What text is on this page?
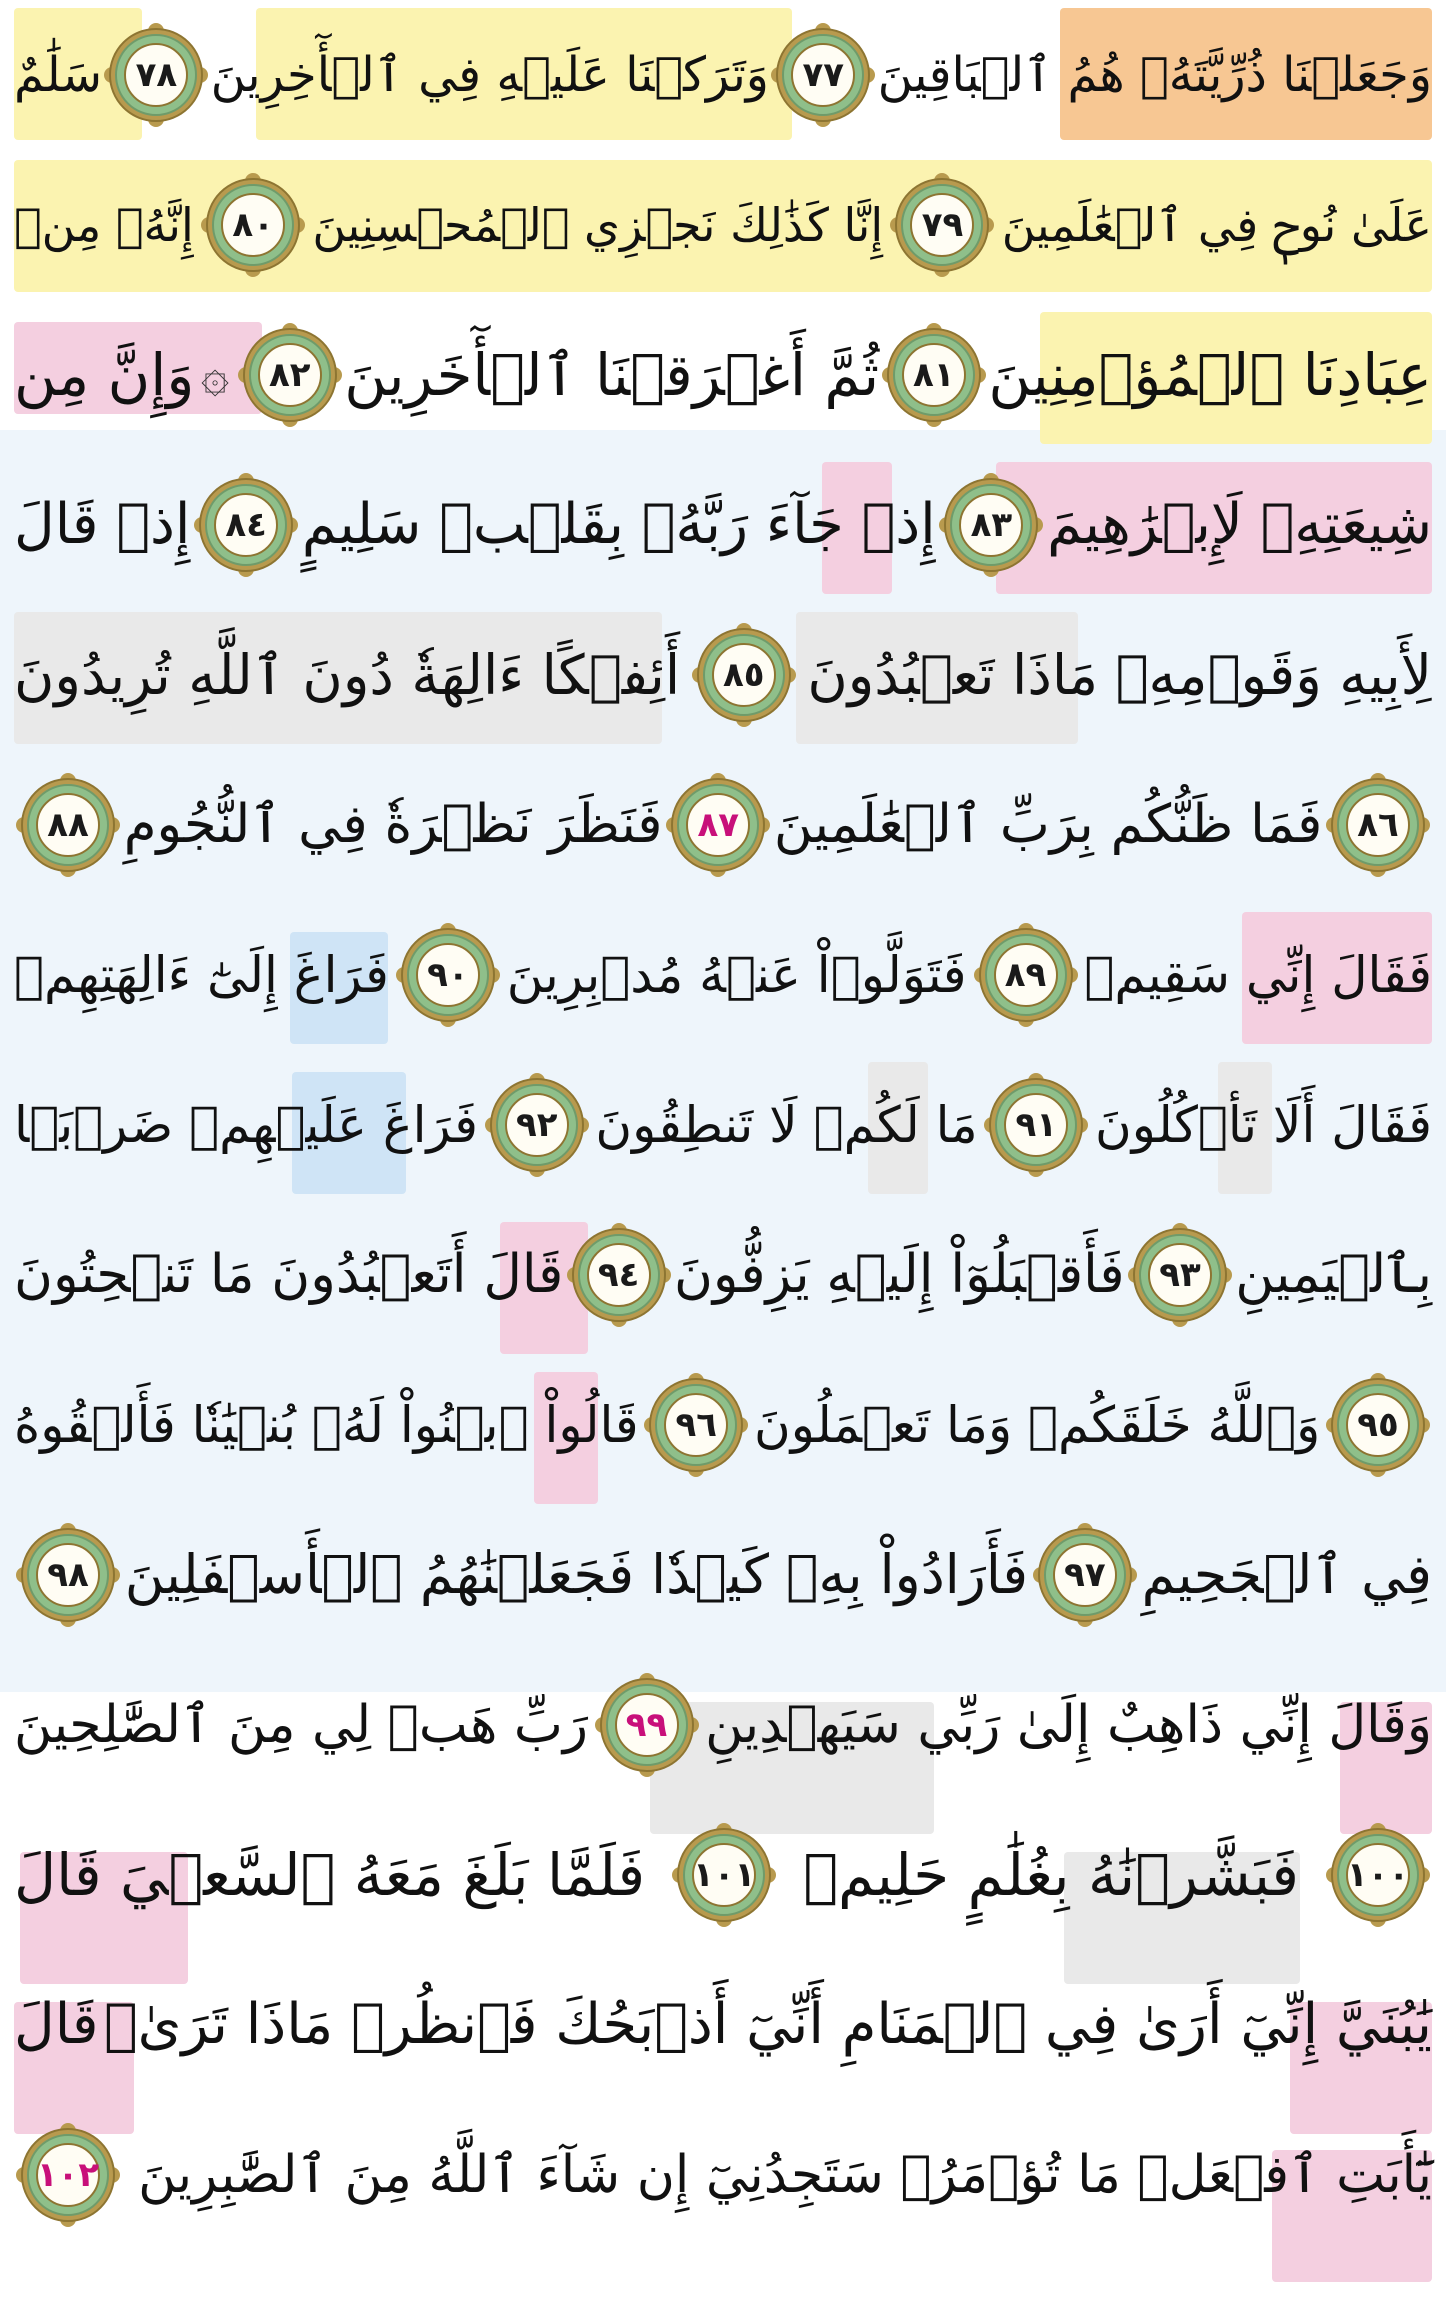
وَجَعَلۡنَا ذُرِّيَّتَهُۥ هُمُ ٱلۡبَاقِينَ
٧٧
وَتَرَكۡنَا عَلَيۡهِ فِي ٱلۡأٓخِرِينَ
٧٨
سَلَٰمٌ
عَلَىٰ نُوحٖ فِي ٱلۡعَٰلَمِينَ
٧٩
إِنَّا كَذَٰلِكَ نَجۡزِي ٱلۡمُحۡسِنِينَ
٨٠
إِنَّهُۥ مِنۡ
عِبَادِنَا ٱلۡمُؤۡمِنِينَ
٨١
ثُمَّ أَغۡرَقۡنَا ٱلۡأٓخَرِينَ
٨٢
۞
وَإِنَّ مِن
شِيعَتِهِۦ لَإِبۡرَٰهِيمَ
٨٣
إِذۡ جَآءَ رَبَّهُۥ بِقَلۡبٖ سَلِيمٍ
٨٤
إِذۡ قَالَ
لِأَبِيهِ وَقَوۡمِهِۦ مَاذَا تَعۡبُدُونَ
٨٥
أَئِفۡكًا ءَالِهَةٗ دُونَ ٱللَّهِ تُرِيدُونَ
٨٦
فَمَا ظَنُّكُم بِرَبِّ ٱلۡعَٰلَمِينَ
٨٧
فَنَظَرَ نَظۡرَةٗ فِي ٱلنُّجُومِ
٨٨
فَقَالَ إِنِّي سَقِيمٞ
٨٩
فَتَوَلَّوۡاْ عَنۡهُ مُدۡبِرِينَ
٩٠
فَرَاغَ إِلَىٰٓ ءَالِهَتِهِمۡ
فَقَالَ أَلَا تَأۡكُلُونَ
٩١
مَا لَكُمۡ لَا تَنطِقُونَ
٩٢
فَرَاغَ عَلَيۡهِمۡ ضَرۡبَۢا
بِٱلۡيَمِينِ
٩٣
فَأَقۡبَلُوٓاْ إِلَيۡهِ يَزِفُّونَ
٩٤
قَالَ أَتَعۡبُدُونَ مَا تَنۡحِتُونَ
٩٥
وَٱللَّهُ خَلَقَكُمۡ وَمَا تَعۡمَلُونَ
٩٦
قَالُواْ ٱبۡنُواْ لَهُۥ بُنۡيَٰنٗا فَأَلۡقُوهُ
فِي ٱلۡجَحِيمِ
٩٧
فَأَرَادُواْ بِهِۦ كَيۡدٗا فَجَعَلۡنَٰهُمُ ٱلۡأَسۡفَلِينَ
٩٨
وَقَالَ إِنِّي ذَاهِبٌ إِلَىٰ رَبِّي سَيَهۡدِينِ
٩٩
رَبِّ هَبۡ لِي مِنَ ٱلصَّٰلِحِينَ
١٠٠
فَبَشَّرۡنَٰهُ بِغُلَٰمٍ حَلِيمٖ
١٠١
فَلَمَّا بَلَغَ مَعَهُ ٱلسَّعۡيَ قَالَ
يَٰبُنَيَّ إِنِّيٓ أَرَىٰ فِي ٱلۡمَنَامِ أَنِّيٓ أَذۡبَحُكَ فَٱنظُرۡ مَاذَا تَرَىٰۚ
قَالَ
يَٰٓأَبَتِ ٱفۡعَلۡ مَا تُؤۡمَرُۖ سَتَجِدُنِيٓ إِن شَآءَ ٱللَّهُ مِنَ ٱلصَّٰبِرِينَ
١٠٢
